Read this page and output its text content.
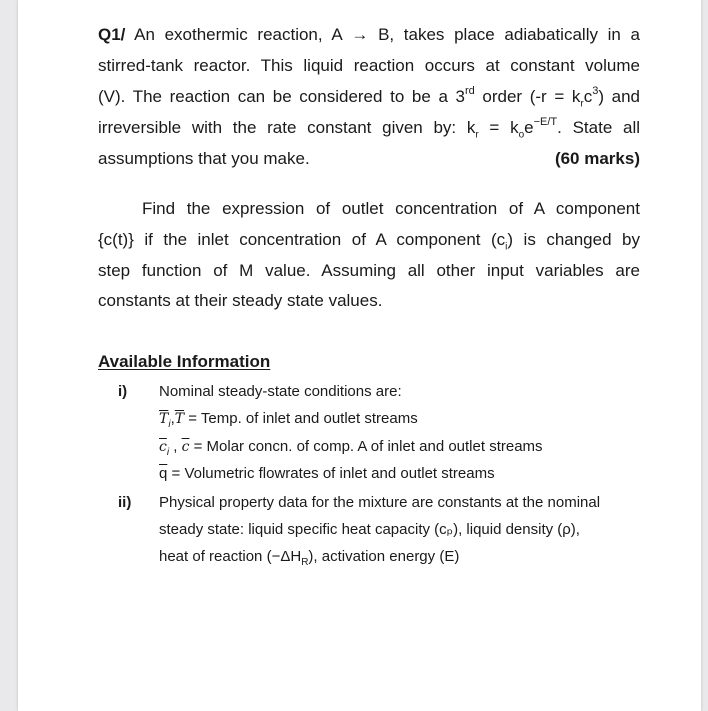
Q1/ An exothermic reaction, A → B, takes place adiabatically in a
stirred-tank reactor. This liquid reaction occurs at constant volume
(V). The reaction can be considered to be a 3rd order $(-r = k_rc^3)$ and
irreversible with the rate constant given by: $k_r = k_oe^{-E/T}$. State all
assumptions that you make.	(60 marks)
Find the expression of outlet concentration of A component
{c(t)} if the inlet concentration of A component $(c_i)$ is changed by
step function of M value. Assuming all other input variables are
constants at their steady state values.
Available Information
i) Nominal steady-state conditions are:
$\overline{T}_i,\overline{T}$ = Temp. of inlet and outlet streams
$\overline{c}_i$ , $\overline{c}$ = Molar concn. of comp. A of inlet and outlet streams
$\overline{q}$ = Volumetric flowrates of inlet and outlet streams
ii) Physical property data for the mixture are constants at the nominal
steady state: liquid specific heat capacity (cₚ), liquid density (ρ),
heat of reaction $(-\Delta H_R)$, activation energy (E)
